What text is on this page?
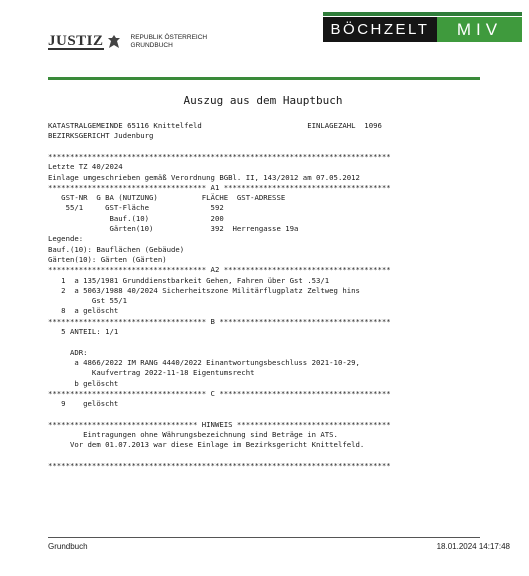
JUSTIZ	REPUBLIK ÖSTERREICH
GRUNDBUCH
BÖCHZELT	MIV
Auszug aus dem Hauptbuch
KATASTRALGEMEINDE 65116 Knittelfeld                        EINLAGEZAHL  1096
BEZIRKSGERICHT Judenburg
******************************************************************************
Letzte TZ 40/2024
Einlage umgeschrieben gemäß Verordnung BGBl. II, 143/2012 am 07.05.2012
************************************ A1 **************************************
GST-NR  G BA (NUTZUNG)          FLÄCHE  GST-ADRESSE
55/1     GST-Fläche              592
Bauf.(10)              200
Gärten(10)             392  Herrengasse 19a
Legende:
Bauf.(10): Bauflächen (Gebäude)
Gärten(10): Gärten (Gärten)
************************************ A2 **************************************
1  a 135/1981 Grunddienstbarkeit Gehen, Fahren über Gst .53/1
2  a 5063/1988 40/2024 Sicherheitszone Militärflugplatz Zeltweg hins
Gst 55/1
8  a gelöscht
************************************ B ***************************************
5 ANTEIL: 1/1
ADR:
a 4866/2022 IM RANG 4440/2022 Einantwortungsbeschluss 2021-10-29,
Kaufvertrag 2022-11-18 Eigentumsrecht
b gelöscht
************************************ C ***************************************
9    gelöscht
********************************** HINWEIS ***********************************
Eintragungen ohne Währungsbezeichnung sind Beträge in ATS.
Vor dem 01.07.2013 war diese Einlage im Bezirksgericht Knittelfeld.
******************************************************************************
Grundbuch	18.01.2024 14:17:48
